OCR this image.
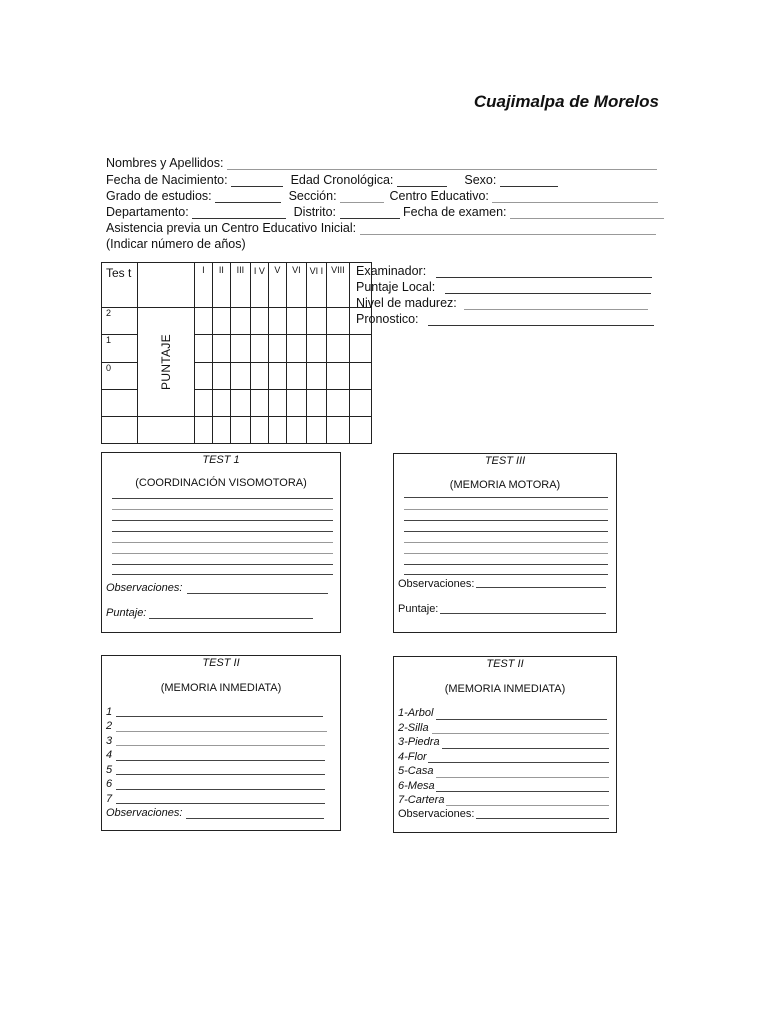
Cuajimalpa de Morelos
Nombres y Apellidos:
Fecha de Nacimiento:	Edad Cronológica:	Sexo:
Grado de estudios:	Sección:	Centro Educativo:
Departamento:	Distrito:	Fecha de examen:
Asistencia previa un Centro Educativo Inicial:
(Indicar número de años)
Tes t		I	II	III	I V	V	VI	VI I	VIII	
2	PUNTAJE									

1										
0										

Examinador:
Puntaje Local:
Nivel de madurez:
Pronostico:
TEST 1
(COORDINACIÓN VISOMOTORA)
Observaciones:
Puntaje:
TEST III
(MEMORIA MOTORA)
Observaciones:
Puntaje:
TEST II
(MEMORIA INMEDIATA)
1
2
3
4
5
6
7
Observaciones:
TEST II
(MEMORIA INMEDIATA)
1-Arbol
2-Silla
3-Piedra
4-Flor
5-Casa
6-Mesa
7-Cartera
Observaciones:
